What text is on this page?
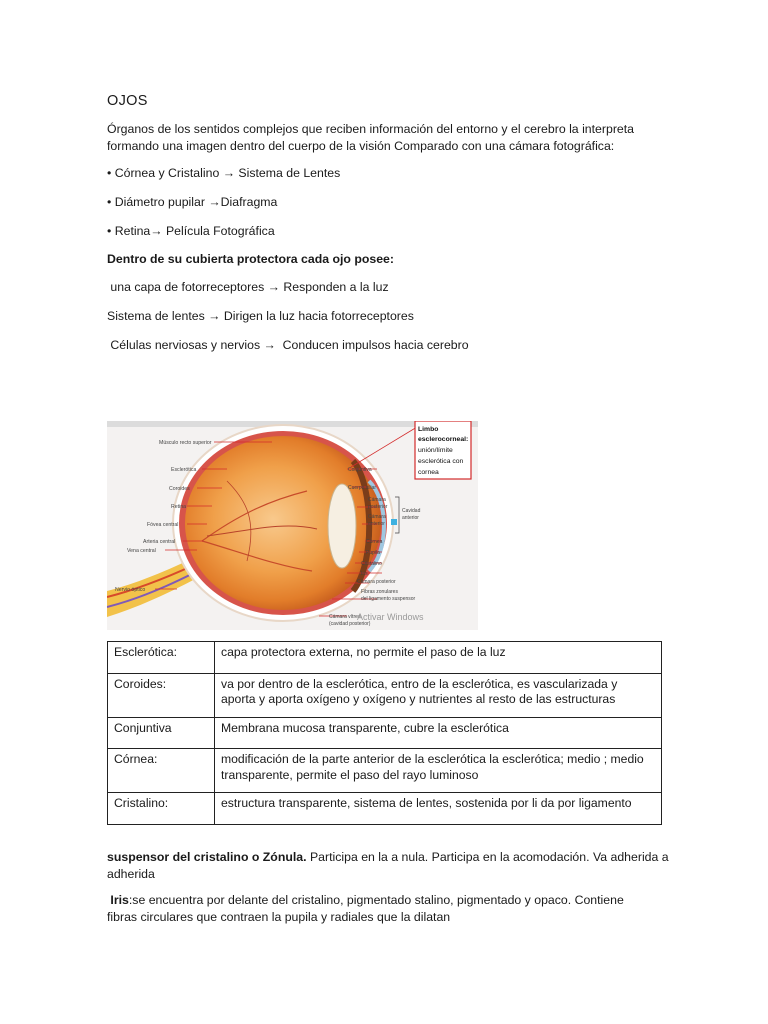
OJOS
Órganos de los sentidos complejos que reciben información del entorno y el cerebro la interpreta formando una imagen dentro del cuerpo de la visión Comparado con una cámara fotográfica:
• Córnea y Cristalino → Sistema de Lentes
• Diámetro pupilar →Diafragma
• Retina→ Película Fotográfica
Dentro de su cubierta protectora cada ojo posee:
una capa de fotorreceptores → Responden a la luz
Sistema de lentes → Dirigen la luz hacia fotorreceptores
Células nerviosas y nervios →  Conducen impulsos hacia cerebro
Músculo recto superior
Esclerótica
Coroides
Retina
Fóvea central
Arteria central
Vena central
Nervio óptico
Conjuntiva
Cuerpo ciliar
Cámara
posterior
Cámara
anterior
Córnea
Pupila
Cristalino
Iris
Cámara posterior
Fibras zonulares
del ligamento suspensor
Cámara vítrea
(cavidad posterior)
Cavidad
anterior
Limbo
esclerocorneal:
unión/límite
esclerótica con
cornea
Activar Windows
Esclerótica:	capa protectora externa, no permite el paso de la luz
Coroides:	va por dentro de la esclerótica, entro de la esclerótica, es vascularizada y aporta y aporta oxígeno y oxígeno y nutrientes al resto de las estructuras
Conjuntiva	Membrana mucosa transparente, cubre la esclerótica
Córnea:	modificación de la parte anterior de la esclerótica la esclerótica; medio ; medio transparente, permite el paso del rayo luminoso
Cristalino:	estructura transparente, sistema de lentes, sostenida por li da por ligamento
suspensor del cristalino o Zónula. Participa en la a nula. Participa en la acomodación. Va adherida a adherida
Iris:se encuentra por delante del cristalino, pigmentado stalino, pigmentado y opaco. Contiene fibras circulares que contraen la pupila y radiales que la dilatan
